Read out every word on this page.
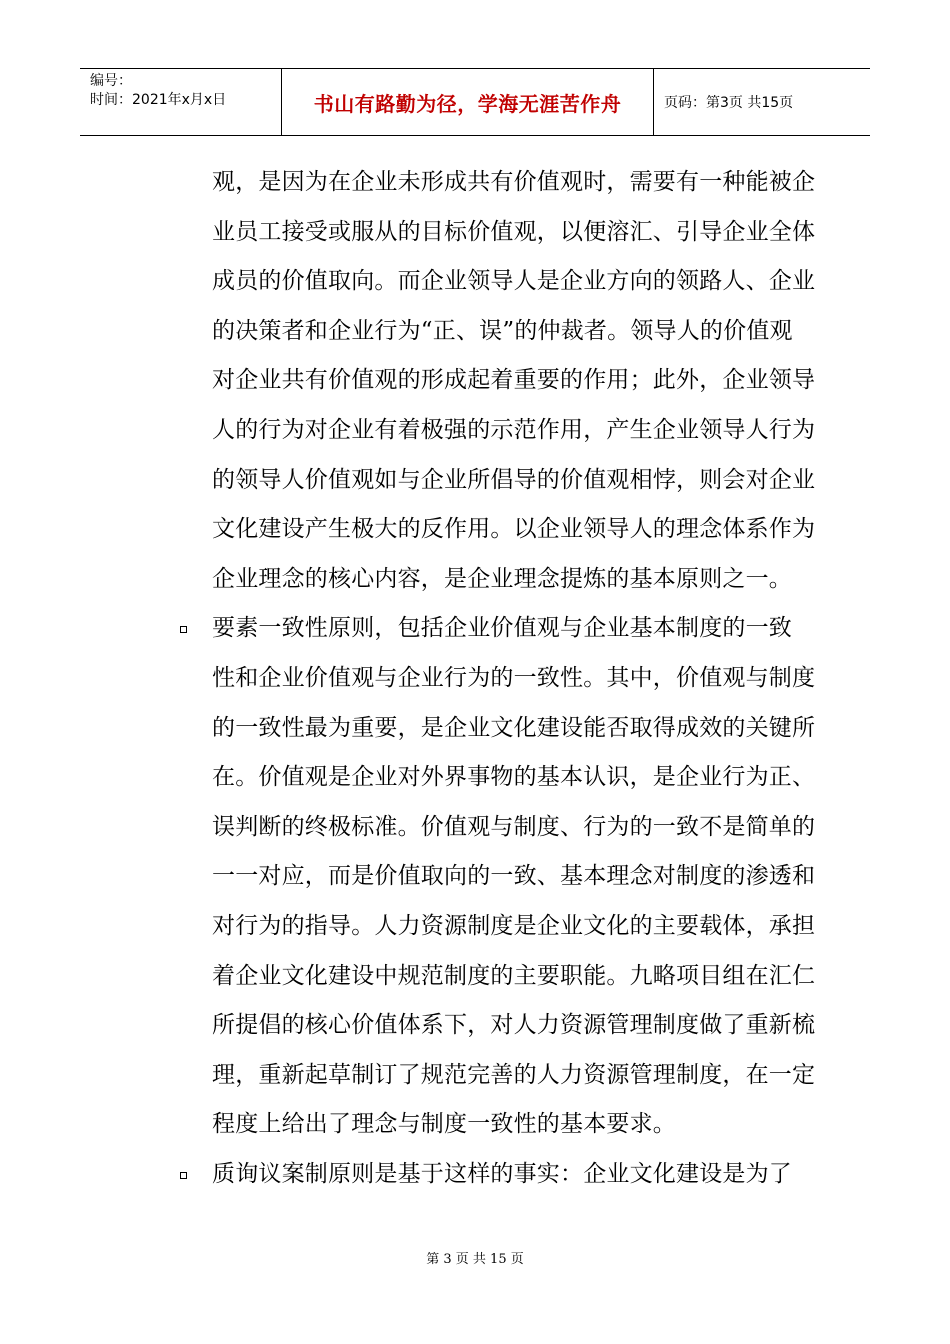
编号：
时间：2021年x月x日	书山有路勤为径，学海无涯苦作舟	页码：第3页 共15页
观，是因为在企业未形成共有价值观时，需要有一种能被企
业员工接受或服从的目标价值观，以便溶汇、引导企业全体
成员的价值取向。而企业领导人是企业方向的领路人、企业
的决策者和企业行为“正、误”的仲裁者。领导人的价值观
对企业共有价值观的形成起着重要的作用；此外，企业领导
人的行为对企业有着极强的示范作用，产生企业领导人行为
的领导人价值观如与企业所倡导的价值观相悖，则会对企业
文化建设产生极大的反作用。以企业领导人的理念体系作为
企业理念的核心内容，是企业理念提炼的基本原则之一。
要素一致性原则，包括企业价值观与企业基本制度的一致
性和企业价值观与企业行为的一致性。其中，价值观与制度
的一致性最为重要，是企业文化建设能否取得成效的关键所
在。价值观是企业对外界事物的基本认识，是企业行为正、
误判断的终极标准。价值观与制度、行为的一致不是简单的
一一对应，而是价值取向的一致、基本理念对制度的渗透和
对行为的指导。人力资源制度是企业文化的主要载体，承担
着企业文化建设中规范制度的主要职能。九略项目组在汇仁
所提倡的核心价值体系下，对人力资源管理制度做了重新梳
理，重新起草制订了规范完善的人力资源管理制度，在一定
程度上给出了理念与制度一致性的基本要求。
质询议案制原则是基于这样的事实：企业文化建设是为了
第 3 页 共 15 页
